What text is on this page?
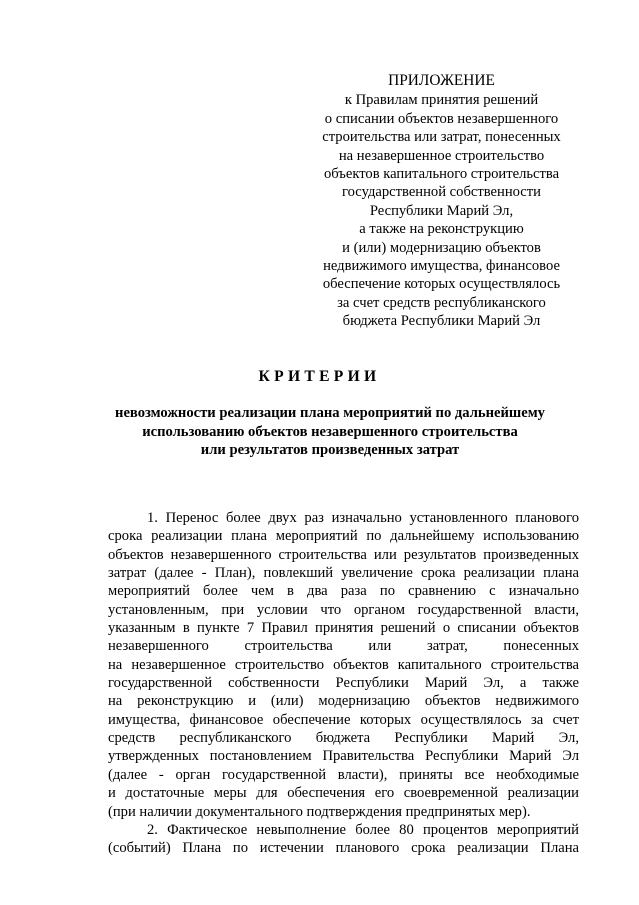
ПРИЛОЖЕНИЕ
к Правилам принятия решений
о списании объектов незавершенного
строительства или затрат, понесенных
на незавершенное строительство
объектов капитального строительства
государственной собственности
Республики Марий Эл,
а также на реконструкцию
и (или) модернизацию объектов
недвижимого имущества, финансовое
обеспечение которых осуществлялось
за счет средств республиканского
бюджета Республики Марий Эл
КРИТЕРИИ
невозможности реализации плана мероприятий по дальнейшему
использованию объектов незавершенного строительства
или результатов произведенных затрат
1. Перенос более двух раз изначально установленного планового
срока реализации плана мероприятий по дальнейшему использованию
объектов незавершенного строительства или результатов произведенных
затрат (далее - План), повлекший увеличение срока реализации плана
мероприятий более чем в два раза по сравнению с изначально
установленным, при условии что органом государственной власти,
указанным в пункте 7 Правил принятия решений о списании объектов
незавершенного строительства или затрат, понесенных
на незавершенное строительство объектов капитального строительства
государственной собственности Республики Марий Эл, а также
на реконструкцию и (или) модернизацию объектов недвижимого
имущества, финансовое обеспечение которых осуществлялось за счет
средств республиканского бюджета Республики Марий Эл,
утвержденных постановлением Правительства Республики Марий Эл
(далее - орган государственной власти), приняты все необходимые
и достаточные меры для обеспечения его своевременной реализации
(при наличии документального подтверждения предпринятых мер).
2. Фактическое невыполнение более 80 процентов мероприятий
(событий) Плана по истечении планового срока реализации Плана
